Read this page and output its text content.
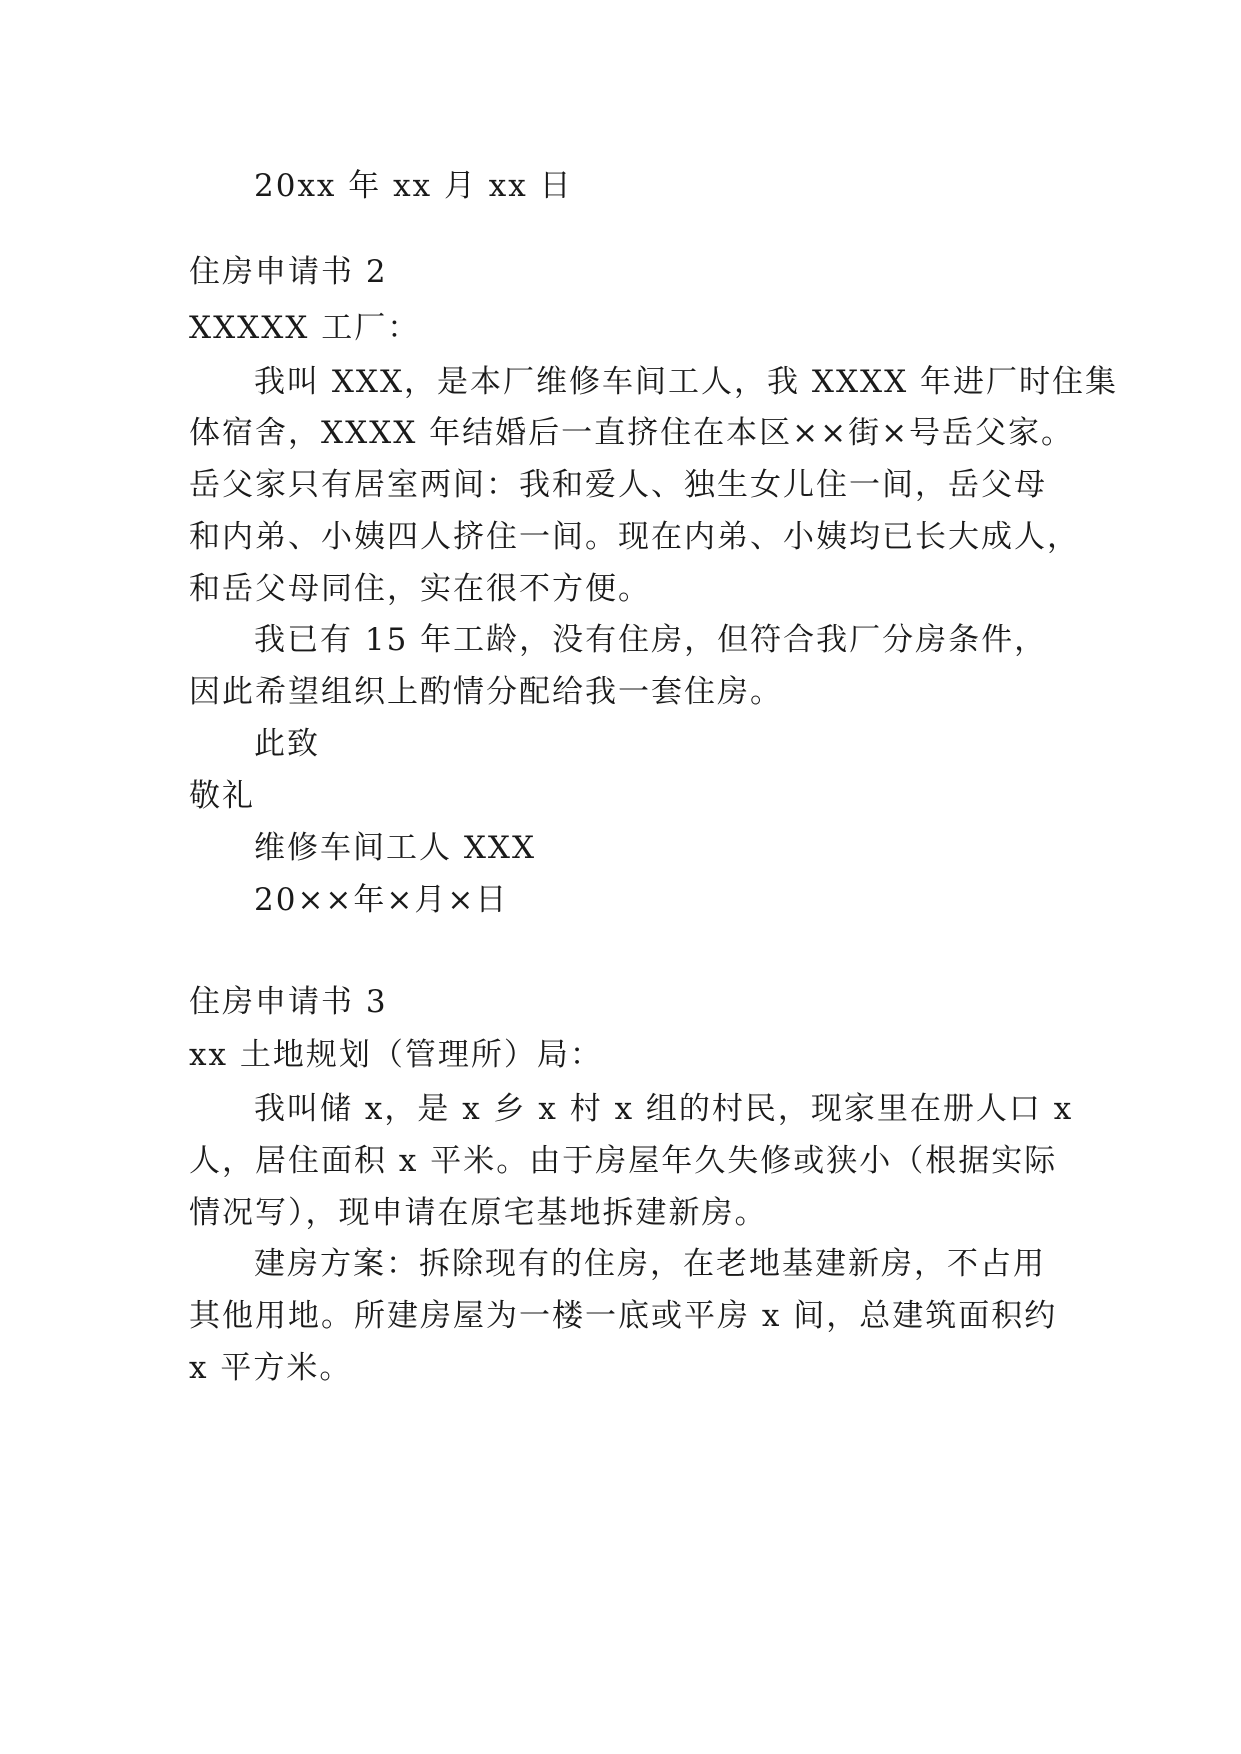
20xx 年 xx 月 xx 日
住房申请书 2
XXXXX 工厂：
我叫 XXX，是本厂维修车间工人，我 XXXX 年进厂时住集
体宿舍，XXXX 年结婚后一直挤住在本区××街×号岳父家。
岳父家只有居室两间：我和爱人、独生女儿住一间，岳父母
和内弟、小姨四人挤住一间。现在内弟、小姨均已长大成人，
和岳父母同住，实在很不方便。
我已有 15 年工龄，没有住房，但符合我厂分房条件，
因此希望组织上酌情分配给我一套住房。
此致
敬礼
维修车间工人 XXX
20××年×月×日
住房申请书 3
xx 土地规划（管理所）局：
我叫储 x，是 x 乡 x 村 x 组的村民，现家里在册人口 x
人，居住面积 x 平米。由于房屋年久失修或狭小（根据实际
情况写），现申请在原宅基地拆建新房。
建房方案：拆除现有的住房，在老地基建新房，不占用
其他用地。所建房屋为一楼一底或平房 x 间，总建筑面积约
x 平方米。
